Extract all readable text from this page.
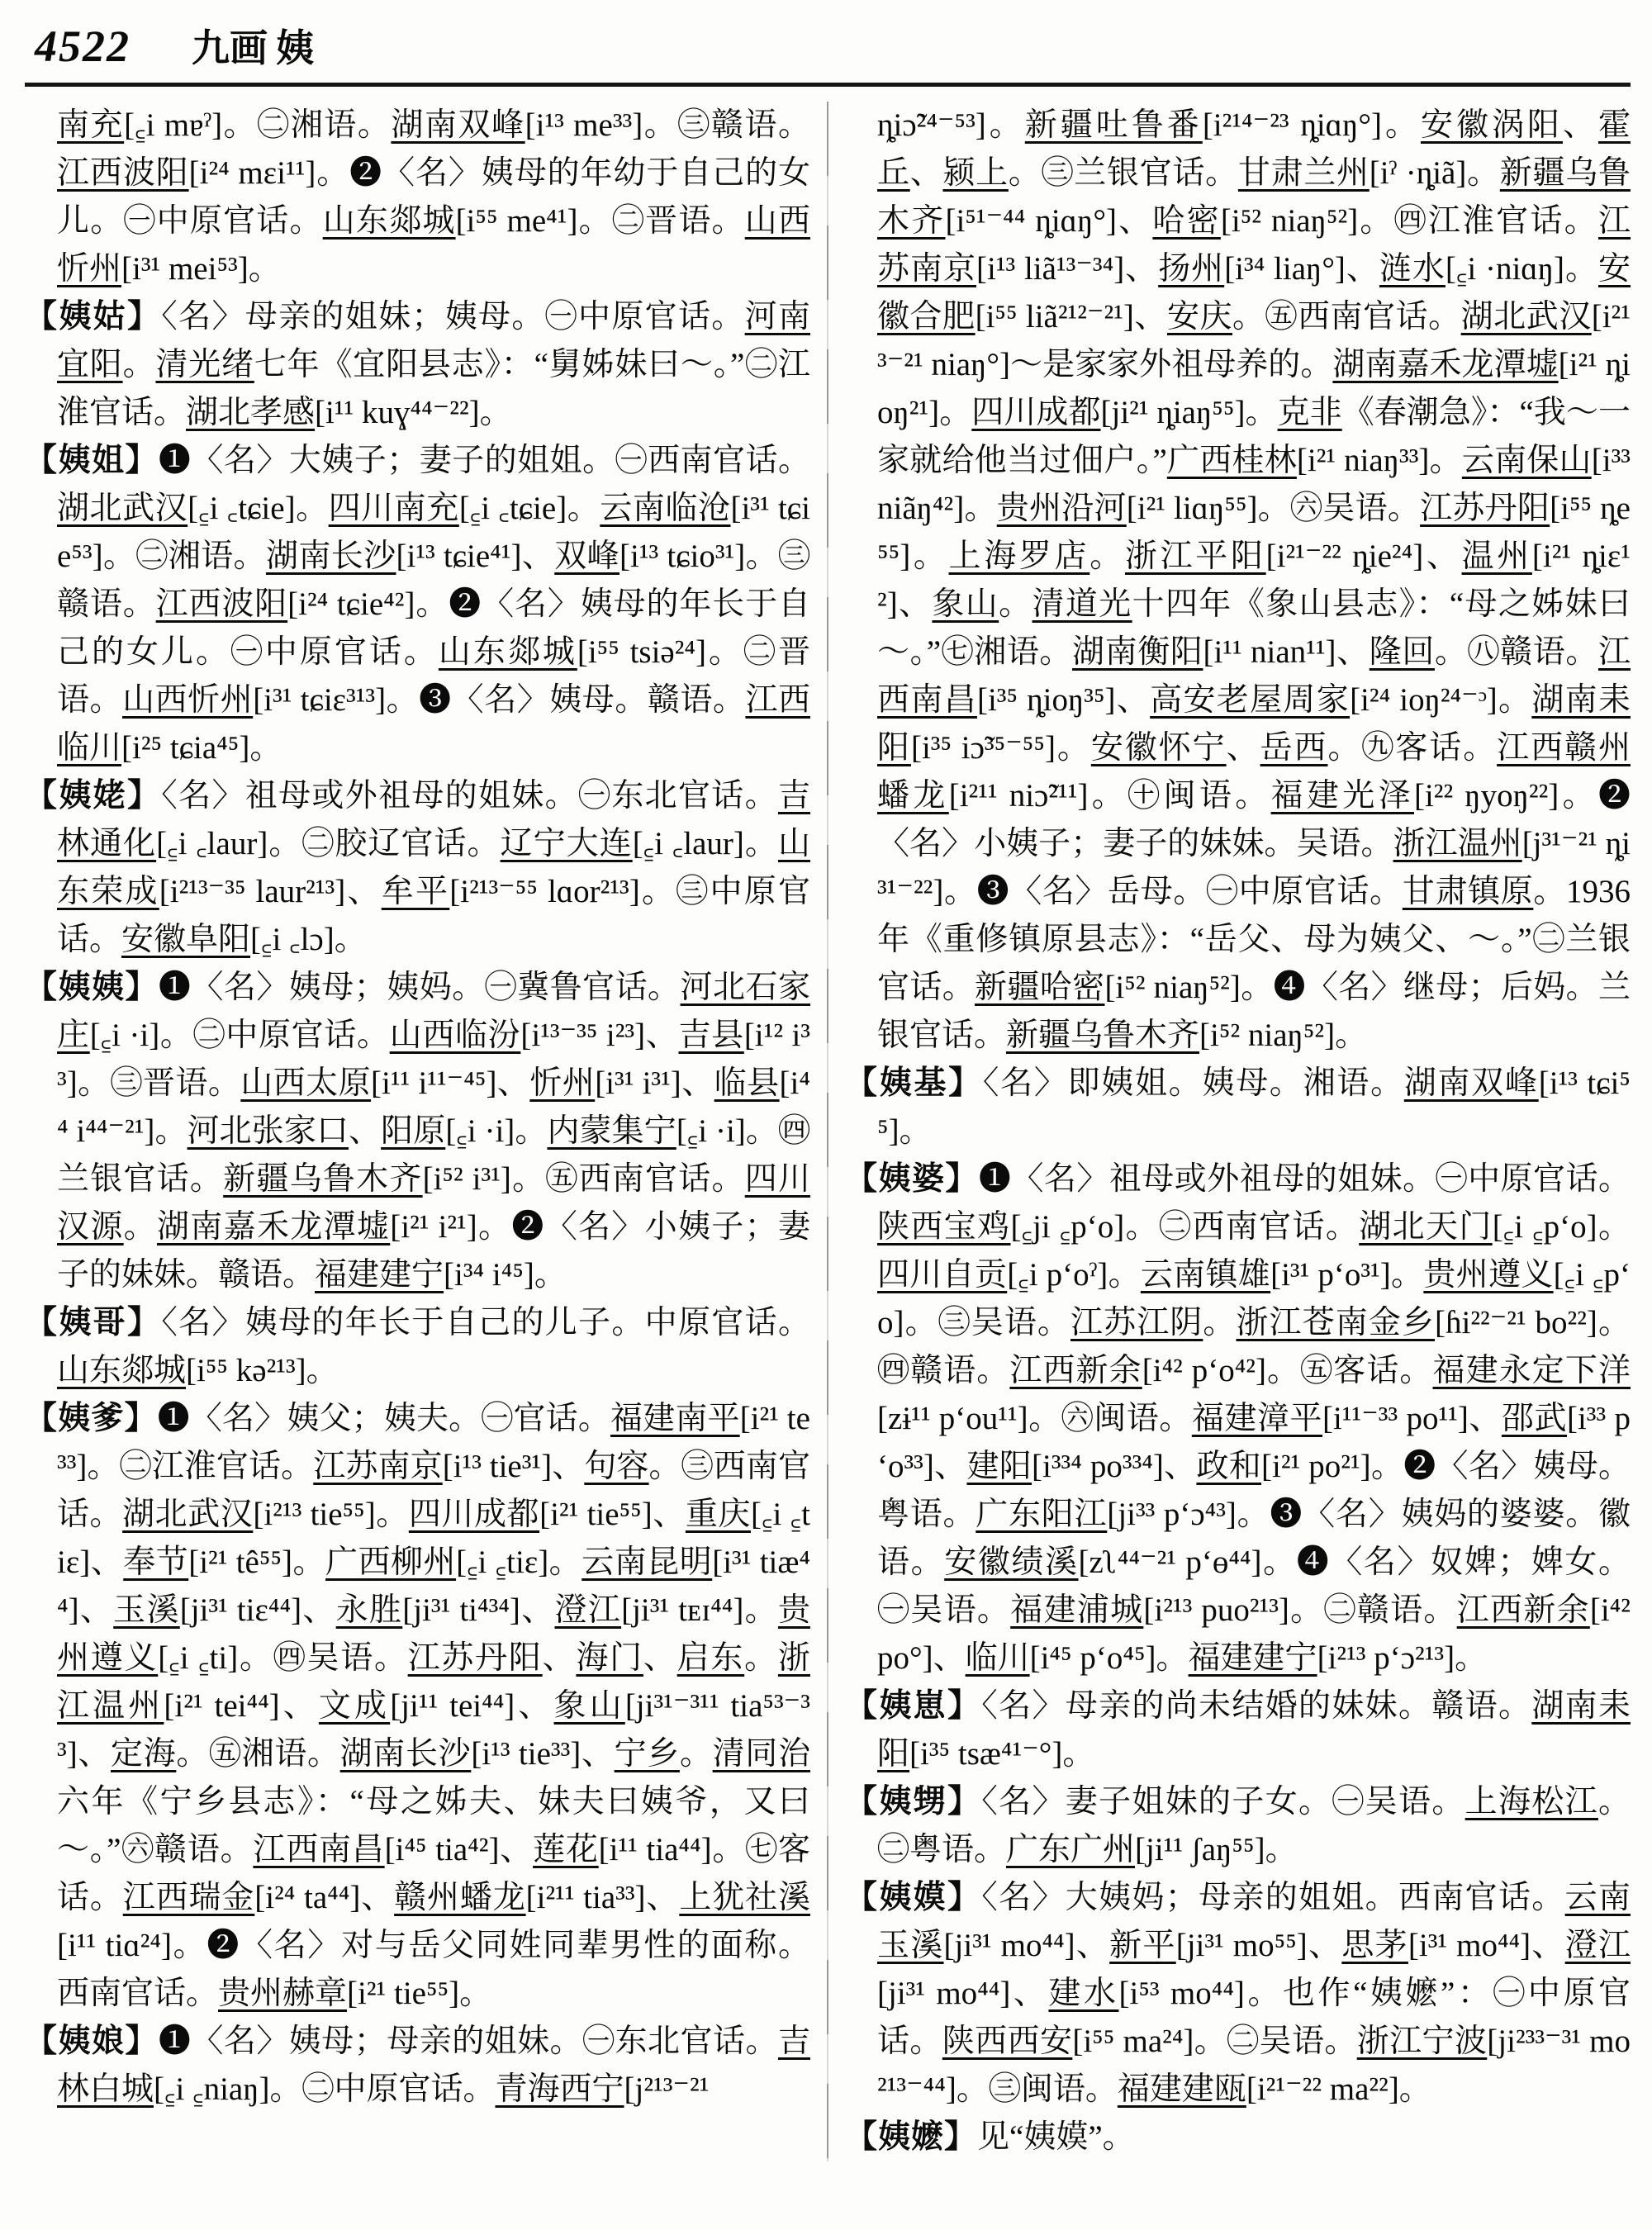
4522	九画 姨

南充[꜁i mɐˀ]。㊁湘语。湖南双峰[i¹³ me³³]。㊂赣语。江西波阳[i²⁴ mɛi¹¹]。❷〈名〉姨母的年幼于自己的女儿。㊀中原官话。山东郯城[i⁵⁵ me⁴¹]。㊁晋语。山西忻州[i³¹ mei⁵³]。

【姨姑】〈名〉母亲的姐妹；姨母。㊀中原官话。河南宜阳。清光绪七年《宜阳县志》：“舅姊妹曰～。”㊁江淮官话。湖北孝感[i¹¹ kuɣ⁴⁴⁻²²]。

【姨姐】❶〈名〉大姨子；妻子的姐姐。㊀西南官话。湖北武汉[꜁i ꜀tɕie]。四川南充[꜁i ꜀tɕie]。云南临沧[i³¹ tɕie⁵³]。㊁湘语。湖南长沙[i¹³ tɕie⁴¹]、双峰[i¹³ tɕio³¹]。㊂赣语。江西波阳[i²⁴ tɕie⁴²]。❷〈名〉姨母的年长于自己的女儿。㊀中原官话。山东郯城[i⁵⁵ tsiə²⁴]。㊁晋语。山西忻州[i³¹ tɕiɛ³¹³]。❸〈名〉姨母。赣语。江西临川[i²⁵ tɕia⁴⁵]。

【姨姥】〈名〉祖母或外祖母的姐妹。㊀东北官话。吉林通化[꜁i ꜀laur]。㊁胶辽官话。辽宁大连[꜁i ꜀laur]。山东荣成[i²¹³⁻³⁵ laur²¹³]、牟平[i²¹³⁻⁵⁵ lɑor²¹³]。㊂中原官话。安徽阜阳[꜁i ꜀lɔ]。

【姨姨】❶〈名〉姨母；姨妈。㊀冀鲁官话。河北石家庄[꜁i ·i]。㊁中原官话。山西临汾[i¹³⁻³⁵ i²³]、吉县[i¹² i³³]。㊂晋语。山西太原[i¹¹ i¹¹⁻⁴⁵]、忻州[i³¹ i³¹]、临县[i⁴⁴ i⁴⁴⁻²¹]。河北张家口、阳原[꜁i ·i]。内蒙集宁[꜁i ·i]。㊃兰银官话。新疆乌鲁木齐[i⁵² i³¹]。㊄西南官话。四川汉源。湖南嘉禾龙潭墟[i²¹ i²¹]。❷〈名〉小姨子；妻子的妹妹。赣语。福建建宁[i³⁴ i⁴⁵]。

【姨哥】〈名〉姨母的年长于自己的儿子。中原官话。山东郯城[i⁵⁵ kə²¹³]。

【姨爹】❶〈名〉姨父；姨夫。㊀官话。福建南平[i²¹ te³³]。㊁江淮官话。江苏南京[i¹³ tie³¹]、句容。㊂西南官话。湖北武汉[i²¹³ tie⁵⁵]。四川成都[i²¹ tie⁵⁵]、重庆[꜁i ꜁tiɛ]、奉节[i²¹ tê⁵⁵]。广西柳州[꜁i ꜁tiɛ]。云南昆明[i³¹ tiæ⁴⁴]、玉溪[ji³¹ tiɛ⁴⁴]、永胜[ji³¹ ti⁴³⁴]、澄江[ji³¹ tᴇɪ⁴⁴]。贵州遵义[꜁i ꜁ti]。㊃吴语。江苏丹阳、海门、启东。浙江温州[i²¹ tei⁴⁴]、文成[ji¹¹ tei⁴⁴]、象山[ji³¹⁻³¹¹ tia⁵³⁻³³]、定海。㊄湘语。湖南长沙[i¹³ tie³³]、宁乡。清同治六年《宁乡县志》：“母之姊夫、妹夫曰姨爷，又曰～。”㊅赣语。江西南昌[i⁴⁵ tia⁴²]、莲花[i¹¹ tia⁴⁴]。㊆客话。江西瑞金[i²⁴ ta⁴⁴]、赣州蟠龙[i²¹¹ tia³³]、上犹社溪[i¹¹ tiɑ²⁴]。❷〈名〉对与岳父同姓同辈男性的面称。西南官话。贵州赫章[i²¹ tie⁵⁵]。

【姨娘】❶〈名〉姨母；母亲的姐妹。㊀东北官话。吉林白城[꜁i ꜁niaŋ]。㊁中原官话。青海西宁[j²¹³⁻²¹

ȵiɔ̃²⁴⁻⁵³]。新疆吐鲁番[i²¹⁴⁻²³ ȵiɑŋ°]。安徽涡阳、霍丘、颍上。㊂兰银官话。甘肃兰州[iˀ ·ȵiã]。新疆乌鲁木齐[i⁵¹⁻⁴⁴ ȵiɑŋ°]、哈密[i⁵² niaŋ⁵²]。㊃江淮官话。江苏南京[i¹³ liã¹³⁻³⁴]、扬州[i³⁴ liaŋ°]、涟水[꜁i ·niɑŋ]。安徽合肥[i⁵⁵ liã²¹²⁻²¹]、安庆。㊄西南官话。湖北武汉[i²¹³⁻²¹ niaŋ°]～是家家外祖母养的。湖南嘉禾龙潭墟[i²¹ ȵioŋ²¹]。四川成都[ji²¹ ȵiaŋ⁵⁵]。克非《春潮急》：“我～一家就给他当过佃户。”广西桂林[i²¹ niaŋ³³]。云南保山[i³³ niãŋ⁴²]。贵州沿河[i²¹ liɑŋ⁵⁵]。㊅吴语。江苏丹阳[i⁵⁵ ȵe⁵⁵]。上海罗店。浙江平阳[i²¹⁻²² ȵie²⁴]、温州[i²¹ ȵiɛ¹²]、象山。清道光十四年《象山县志》：“母之姊妹曰～。”㊆湘语。湖南衡阳[i¹¹ nian¹¹]、隆回。㊇赣语。江西南昌[i³⁵ ȵioŋ³⁵]、高安老屋周家[i²⁴ ioŋ²⁴⁻ᵓ]。湖南耒阳[i³⁵ iɔ̃³⁵⁻⁵⁵]。安徽怀宁、岳西。㊈客话。江西赣州蟠龙[i²¹¹ niɔ̃²¹¹]。㊉闽语。福建光泽[i²² ŋyoŋ²²]。❷〈名〉小姨子；妻子的妹妹。吴语。浙江温州[j³¹⁻²¹ ȵi³¹⁻²²]。❸〈名〉岳母。㊀中原官话。甘肃镇原。1936年《重修镇原县志》：“岳父、母为姨父、～。”㊁兰银官话。新疆哈密[i⁵² niaŋ⁵²]。❹〈名〉继母；后妈。兰银官话。新疆乌鲁木齐[i⁵² niaŋ⁵²]。

【姨基】〈名〉即姨姐。姨母。湘语。湖南双峰[i¹³ tɕi⁵⁵]。

【姨婆】❶〈名〉祖母或外祖母的姐妹。㊀中原官话。陕西宝鸡[꜁ji ꜁pʻo]。㊁西南官话。湖北天门[꜁i ꜁pʻo]。四川自贡[꜁i pʻoˀ]。云南镇雄[i³¹ pʻo³¹]。贵州遵义[꜁i ꜁pʻo]。㊂吴语。江苏江阴。浙江苍南金乡[ɦi²²⁻²¹ bo²²]。㊃赣语。江西新余[i⁴² pʻo⁴²]。㊄客话。福建永定下洋[zɨ¹¹ pʻou¹¹]。㊅闽语。福建漳平[i¹¹⁻³³ po¹¹]、邵武[i³³ pʻo³³]、建阳[i³³⁴ po³³⁴]、政和[i²¹ po²¹]。❷〈名〉姨母。粤语。广东阳江[ji³³ pʻɔ⁴³]。❸〈名〉姨妈的婆婆。徽语。安徽绩溪[zʅ⁴⁴⁻²¹ pʻɵ⁴⁴]。❹〈名〉奴婢；婢女。㊀吴语。福建浦城[i²¹³ puo²¹³]。㊁赣语。江西新余[i⁴² po°]、临川[i⁴⁵ pʻo⁴⁵]。福建建宁[i²¹³ pʻɔ²¹³]。

【姨崽】〈名〉母亲的尚未结婚的妹妹。赣语。湖南耒阳[i³⁵ tsæ⁴¹⁻°]。

【姨甥】〈名〉妻子姐妹的子女。㊀吴语。上海松江。㊁粤语。广东广州[ji¹¹ ʃaŋ⁵⁵]。

【姨嫫】〈名〉大姨妈；母亲的姐姐。西南官话。云南玉溪[ji³¹ mo⁴⁴]、新平[ji³¹ mo⁵⁵]、思茅[i³¹ mo⁴⁴]、澄江[ji³¹ mo⁴⁴]、建水[i⁵³ mo⁴⁴]。也作“姨嬷”：㊀中原官话。陕西西安[i⁵⁵ ma²⁴]。㊁吴语。浙江宁波[ji²³³⁻³¹ mo²¹³⁻⁴⁴]。㊂闽语。福建建瓯[i²¹⁻²² ma²²]。

【姨嬷】见“姨嫫”。
